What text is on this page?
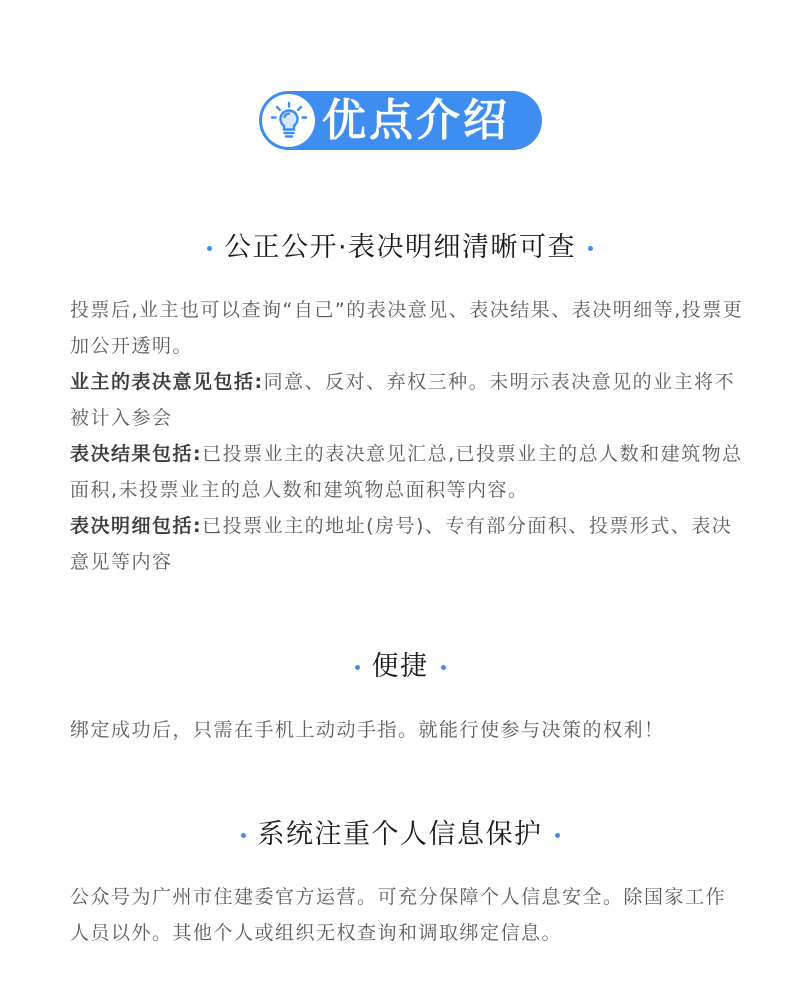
优点介绍
公正公开·表决明细清晰可查

投票后,业主也可以查询“自己”的表决意见、表决结果、表决明细等,投票更加公开透明。

业主的表决意见包括:同意、反对、弃权三种。未明示表决意见的业主将不被计入参会

表决结果包括:已投票业主的表决意见汇总,已投票业主的总人数和建筑物总面积,未投票业主的总人数和建筑物总面积等内容。

表决明细包括:已投票业主的地址(房号)、专有部分面积、投票形式、表决意见等内容

便捷

绑定成功后，只需在手机上动动手指。就能行使参与决策的权利！

系统注重个人信息保护

公众号为广州市住建委官方运营。可充分保障个人信息安全。除国家工作人员以外。其他个人或组织无权查询和调取绑定信息。
